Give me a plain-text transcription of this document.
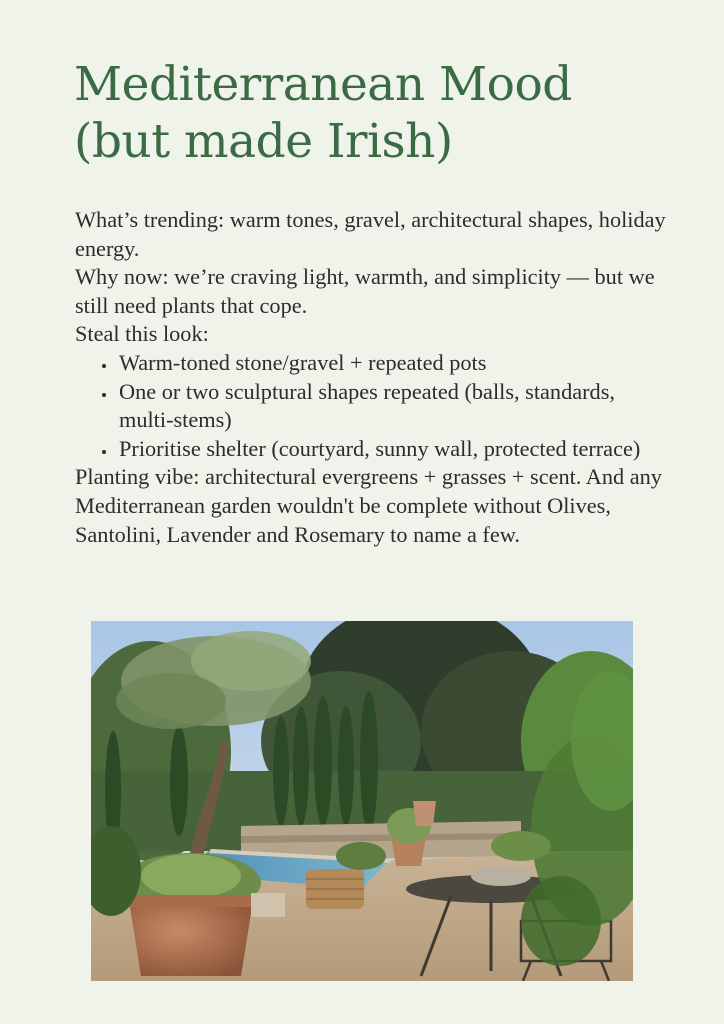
Mediterranean Mood
(but made Irish)

What’s trending: warm tones, gravel, architectural shapes, holiday energy.

Why now: we’re craving light, warmth, and simplicity — but we still need plants that cope.

Steal this look:

• Warm-toned stone/gravel + repeated pots
• One or two sculptural shapes repeated (balls, standards, multi-stems)
• Prioritise shelter (courtyard, sunny wall, protected terrace)

Planting vibe: architectural evergreens + grasses + scent. And any Mediterranean garden wouldn't be complete without Olives, Santolini, Lavender and Rosemary to name a few.
